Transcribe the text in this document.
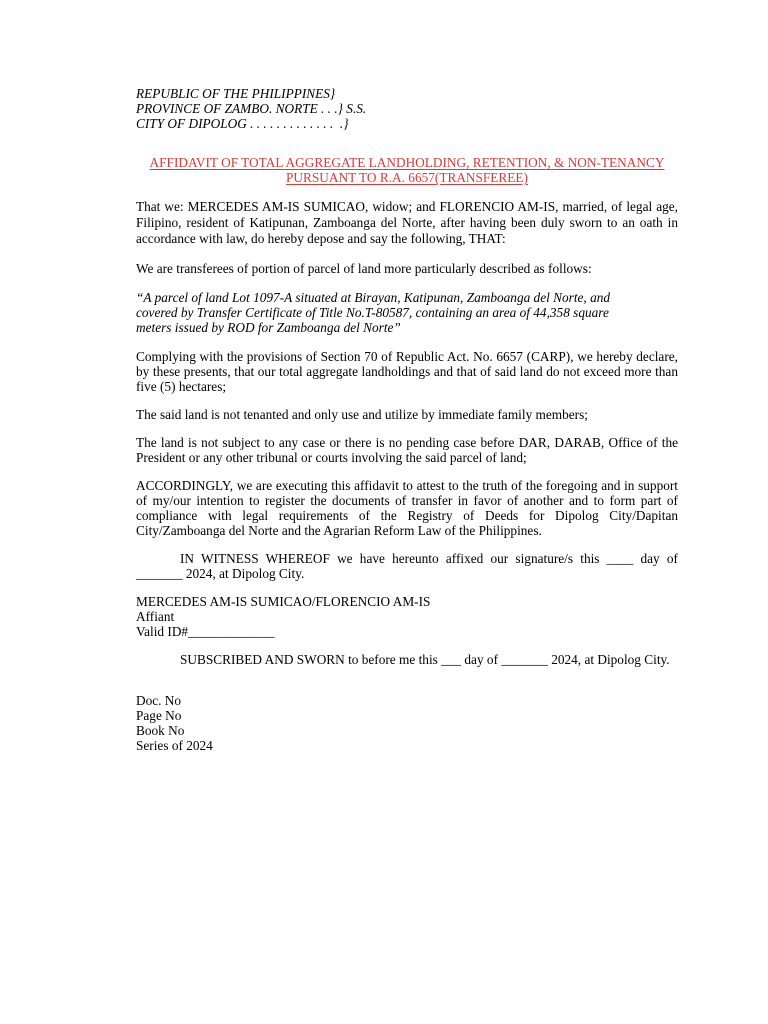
REPUBLIC OF THE PHILIPPINES}
PROVINCE OF ZAMBO. NORTE . . .} S.S.
CITY OF DIPOLOG . . . . . . . . . . . . .  .}
AFFIDAVIT OF TOTAL AGGREGATE LANDHOLDING, RETENTION, & NON-TENANCY PURSUANT TO R.A. 6657(TRANSFEREE)

That we: MERCEDES AM-IS SUMICAO, widow; and FLORENCIO AM-IS, married, of legal age, Filipino, resident of Katipunan, Zamboanga del Norte, after having been duly sworn to an oath in accordance with law, do hereby depose and say the following, THAT:

We are transferees of portion of parcel of land more particularly described as follows:

“A parcel of land Lot 1097-A situated at Birayan, Katipunan, Zamboanga del Norte, and covered by Transfer Certificate of Title No.T-80587, containing an area of 44,358 square meters issued by ROD for Zamboanga del Norte”

Complying with the provisions of Section 70 of Republic Act. No. 6657 (CARP), we hereby declare, by these presents, that our total aggregate landholdings and that of said land do not exceed more than five (5) hectares;

The said land is not tenanted and only use and utilize by immediate family members;

The land is not subject to any case or there is no pending case before DAR, DARAB, Office of the President or any other tribunal or courts involving the said parcel of land;

ACCORDINGLY, we are executing this affidavit to attest to the truth of the foregoing and in support of my/our intention to register the documents of transfer in favor of another and to form part of compliance with legal requirements of the Registry of Deeds for Dipolog City/Dapitan City/Zamboanga del Norte and the Agrarian Reform Law of the Philippines.

IN WITNESS WHEREOF we have hereunto affixed our signature/s this ____ day of _______ 2024, at Dipolog City.

MERCEDES AM-IS SUMICAO/FLORENCIO AM-IS
Affiant
Valid ID#_____________

SUBSCRIBED AND SWORN to before me this ___ day of _______ 2024, at Dipolog City.

Doc. No
Page No
Book No
Series of 2024
